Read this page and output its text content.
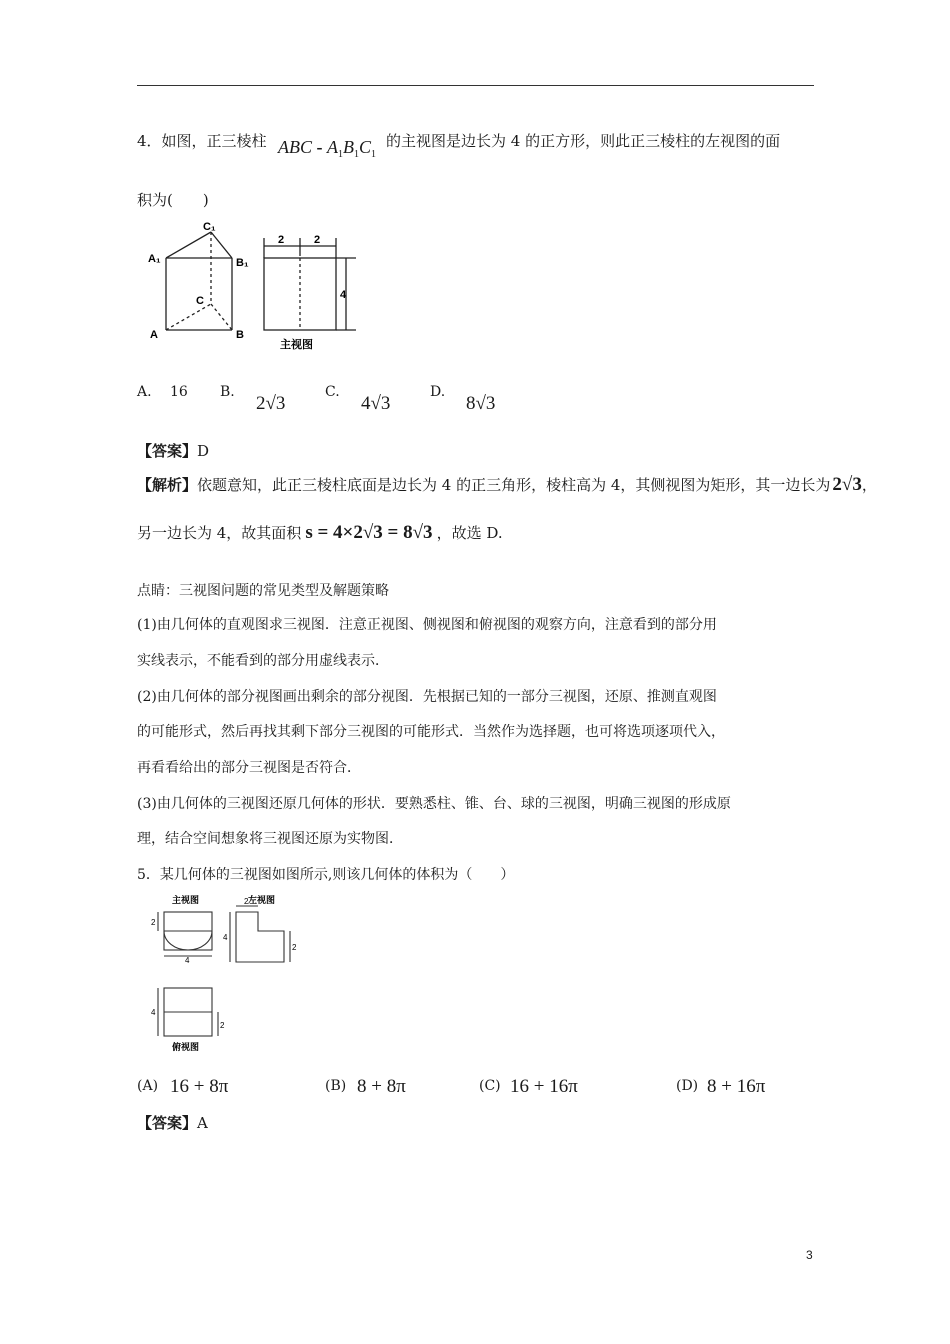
4．如图，正三棱柱 ABC - $A_1B_1C_1$
的主视图是边长为 4 的正方形，则此正三棱柱的左视图的面
积为(　　)
C₁
A₁	B₁
C
A	B
2	2
4
主视图
A. 16 B.
2√3
C.
4√3
D.
8√3
【答案】D
【解析】依题意知，此正三棱柱底面是边长为 4 的正三角形，棱柱高为 4，其侧视图为矩形，其一边长为 2√3，
另一边长为 4，故其面积 s = 4×2√3 = 8√3 ，故选 D.
点睛：三视图问题的常见类型及解题策略
(1)由几何体的直观图求三视图．注意正视图、侧视图和俯视图的观察方向，注意看到的部分用
实线表示，不能看到的部分用虚线表示．
(2)由几何体的部分视图画出剩余的部分视图．先根据已知的一部分三视图，还原、推测直观图
的可能形式，然后再找其剩下部分三视图的可能形式．当然作为选择题，也可将选项逐项代入，
再看看给出的部分三视图是否符合．
(3)由几何体的三视图还原几何体的形状．要熟悉柱、锥、台、球的三视图，明确三视图的形成原
理，结合空间想象将三视图还原为实物图．
5．某几何体的三视图如图所示,则该几何体的体积为（　　）
主视图	左视图
俯视图
2
4
2
4
2
4
2
(A) 16 + 8π	(B) 8 + 8π	(C) 16 + 16π	(D) 8 + 16π
【答案】A
3
